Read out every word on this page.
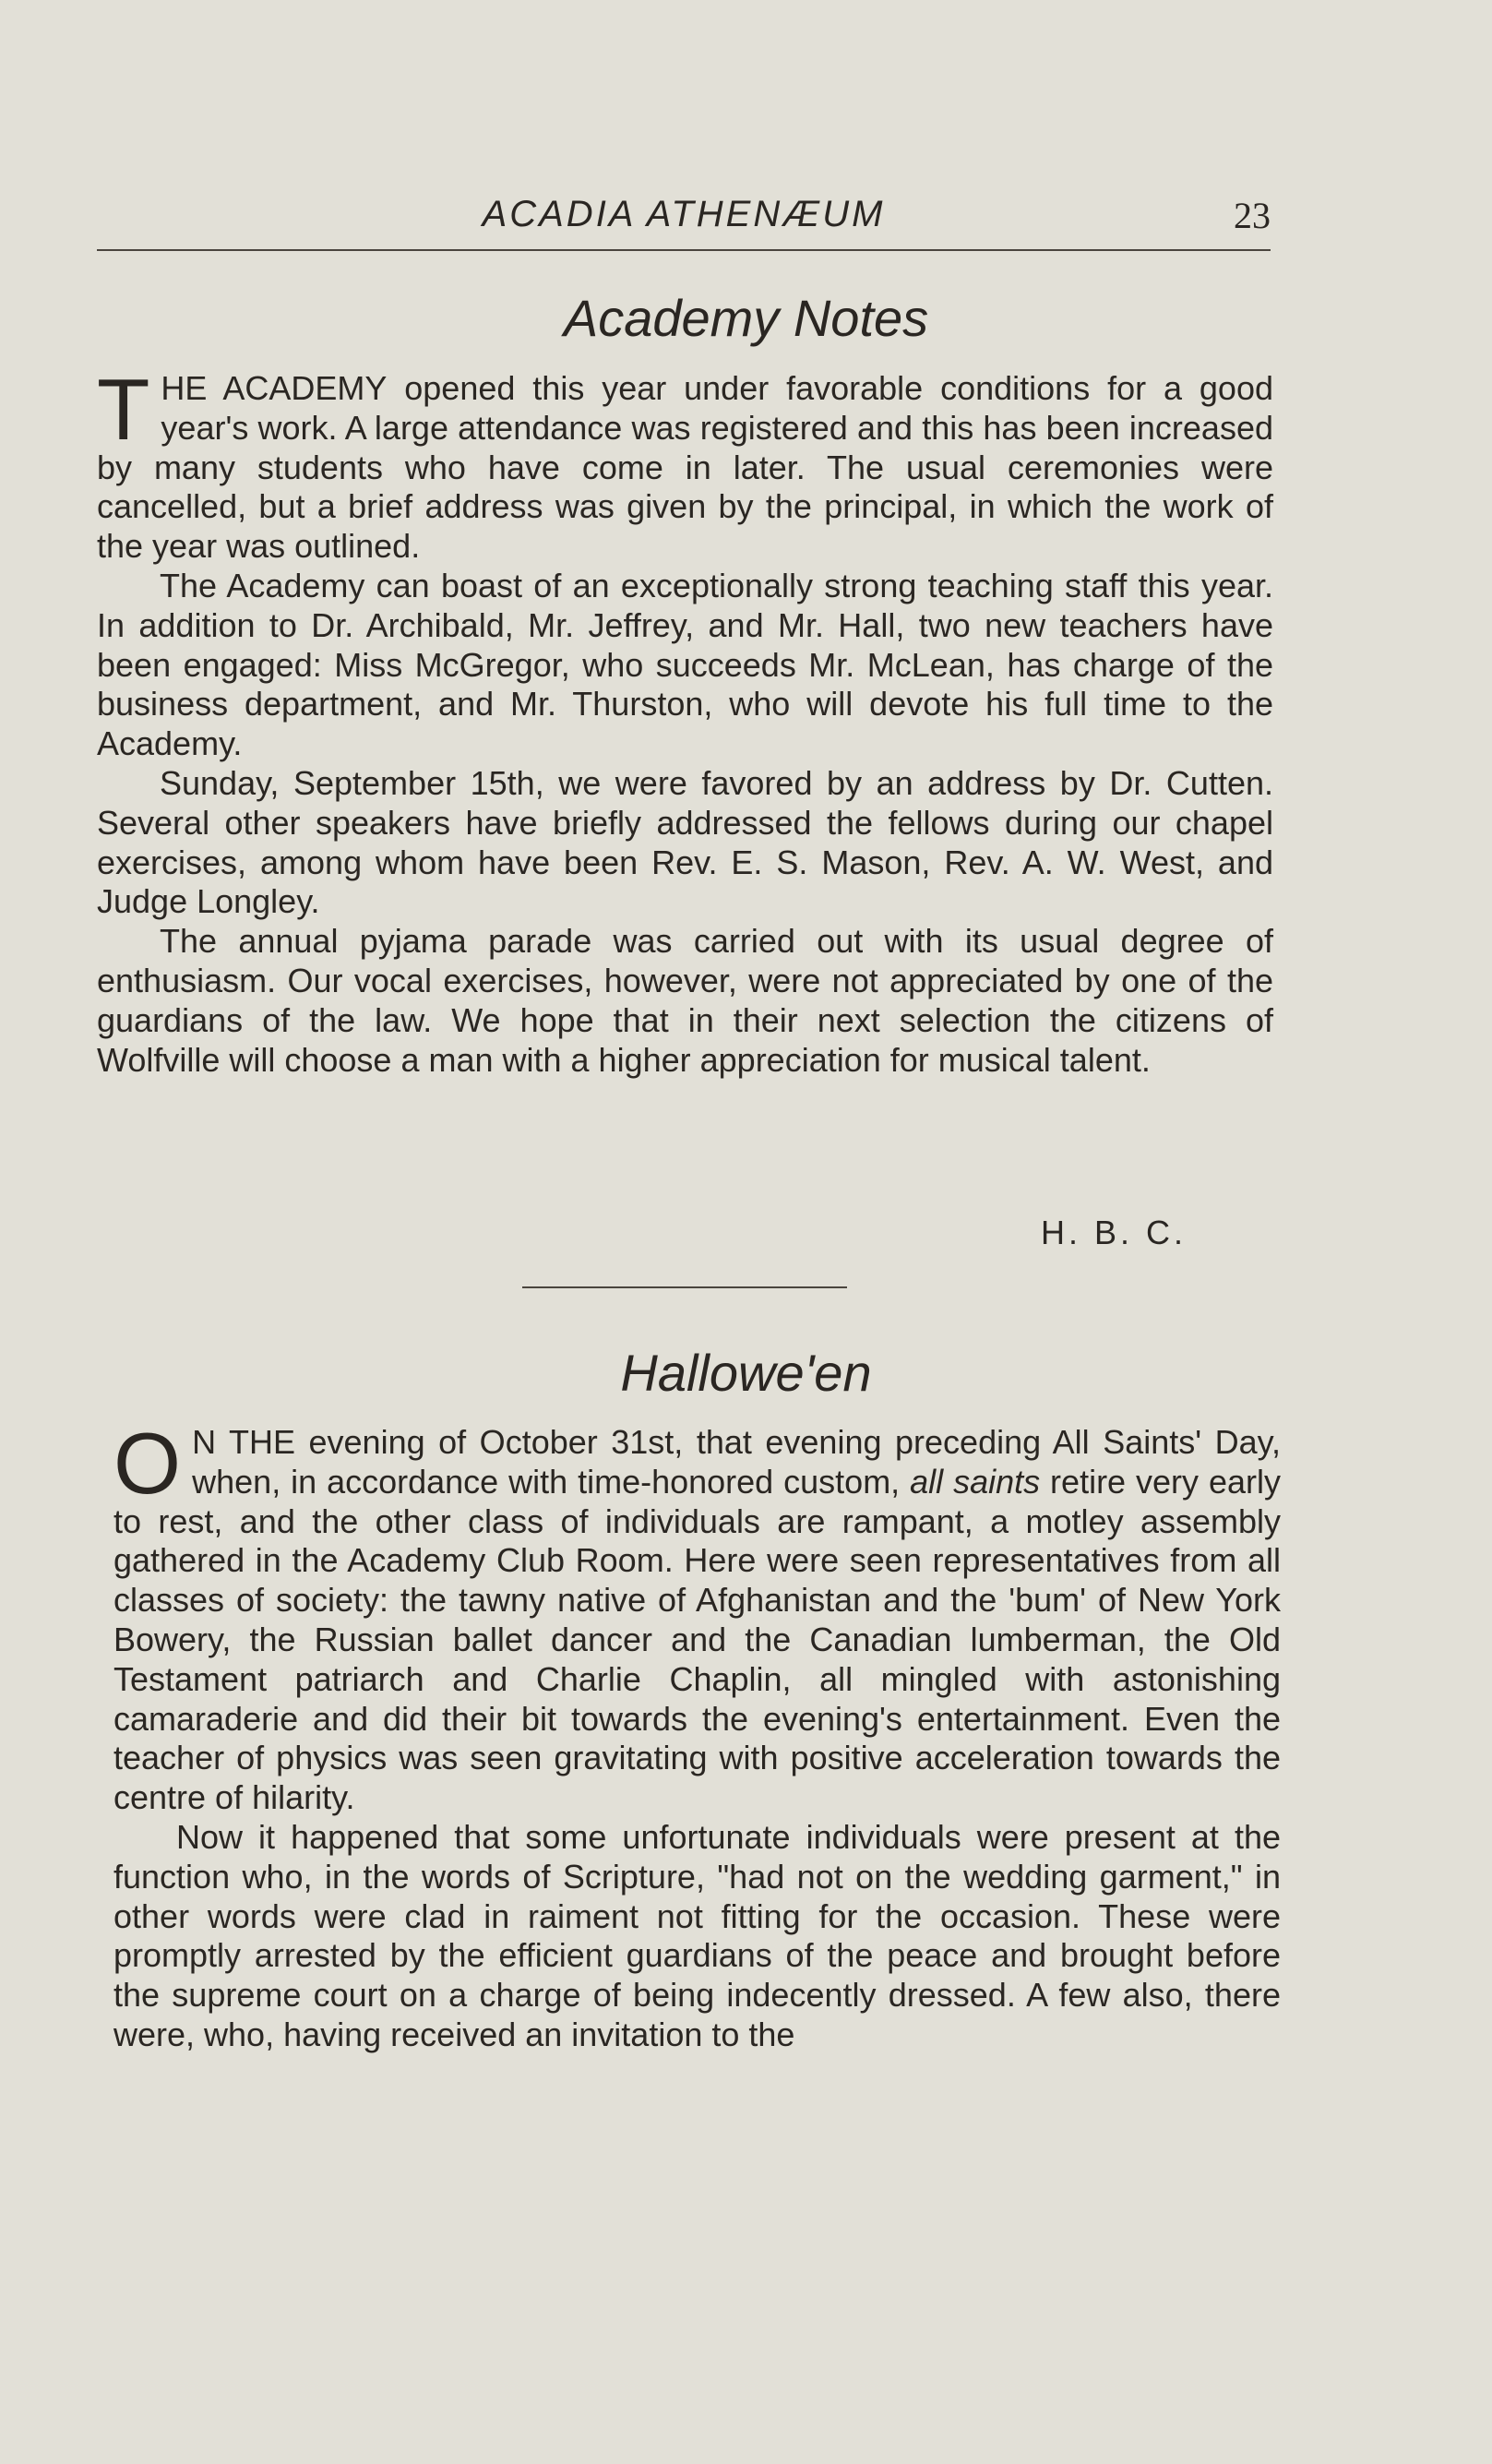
ACADIA ATHENÆUM	23
Academy Notes

THE ACADEMY opened this year under favorable conditions for a good year's work. A large attendance was registered and this has been increased by many students who have come in later. The usual ceremonies were cancelled, but a brief address was given by the principal, in which the work of the year was outlined.

The Academy can boast of an exceptionally strong teaching staff this year. In addition to Dr. Archibald, Mr. Jeffrey, and Mr. Hall, two new teachers have been engaged: Miss McGregor, who succeeds Mr. McLean, has charge of the business department, and Mr. Thurston, who will devote his full time to the Academy.

Sunday, September 15th, we were favored by an address by Dr. Cutten. Several other speakers have briefly addressed the fellows during our chapel exercises, among whom have been Rev. E. S. Mason, Rev. A. W. West, and Judge Longley.

The annual pyjama parade was carried out with its usual degree of enthusiasm. Our vocal exercises, however, were not appreciated by one of the guardians of the law. We hope that in their next selection the citizens of Wolfville will choose a man with a higher appreciation for musical talent.

H. B. C.
Hallowe'en

O N THE evening of October 31st, that evening preceding All Saints' Day, when, in accordance with time-honored custom, all saints retire very early to rest, and the other class of individuals are rampant, a motley assembly gathered in the Academy Club Room. Here were seen representatives from all classes of society: the tawny native of Afghanistan and the 'bum' of New York Bowery, the Russian ballet dancer and the Canadian lumberman, the Old Testament patriarch and Charlie Chaplin, all mingled with astonishing camaraderie and did their bit towards the evening's entertainment. Even the teacher of physics was seen gravitating with positive acceleration towards the centre of hilarity.

Now it happened that some unfortunate individuals were present at the function who, in the words of Scripture, "had not on the wedding garment," in other words were clad in raiment not fitting for the occasion. These were promptly arrested by the efficient guardians of the peace and brought before the supreme court on a charge of being indecently dressed. A few also, there were, who, having received an invitation to the
